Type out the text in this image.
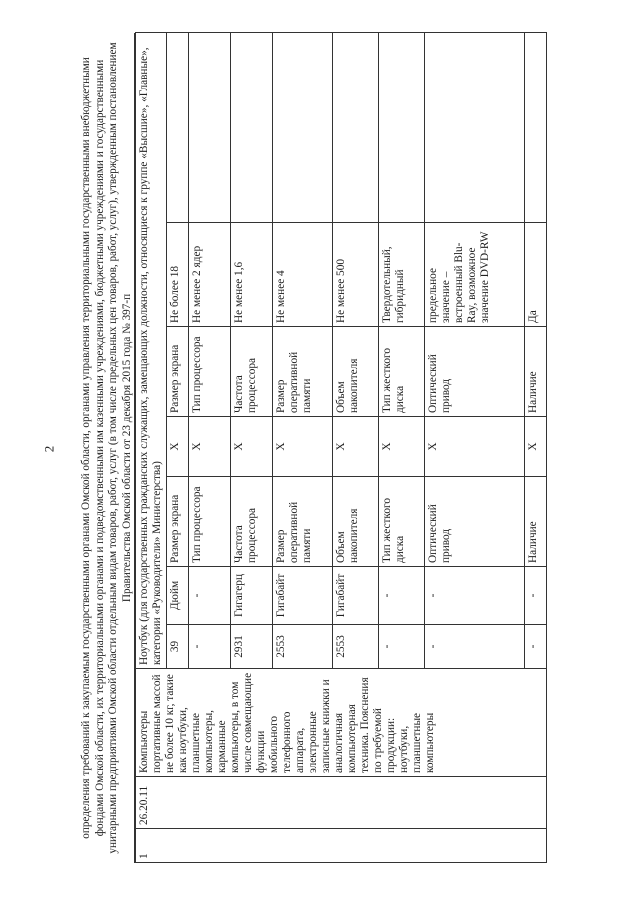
2 определения требований к закупаемым государственными органами Омской области, органами управления территориальными государственными внебюджетными фондами Омской области, их территориальными органами и подведомственными им казенными учреждениями, бюджетными учреждениями и государственными унитарными предприятиями Омской области отдельным видам товаров, работ, услуг (в том числе предельных цен товаров, работ, услуг), утвержденным постановлением Правительства Омской области от 23 декабря 2015 года № 397-п
1	26.20.11	Компьютеры портативные массой не более 10 кг, такие как ноутбуки, планшетные компьютеры, карманные компьютеры, в том числе совмещающие функции мобильного телефонного аппарата, электронные записные книжки и аналогичная компьютерная техника. Пояснения по требуемой продукции: ноутбуки, планшетные компьютеры	Ноутбук (для государственных гражданских служащих, замещающих должности, относящиеся к группе «Высшие», «Главные», категории «Руководители» Министерства)						
			39	Дюйм	Размер экрана	X	Размер экрана	Не более 18	
			-	-	Тип процессора	X	Тип процессора	Не менее 2 ядер	
			2931	Гигагерц	Частота процессора	X	Частота процессора	Не менее 1,6	
			2553	Гигабайт	Размер оперативной памяти	X	Размер оперативной памяти	Не менее 4	
			2553	Гигабайт	Объем накопителя	X	Объем накопителя	Не менее 500	
			-	-	Тип жесткого диска	X	Тип жесткого диска	Твердотельный, гибридный	
			-	-	Оптический привод	X	Оптический привод	предельное значение – встроенный Blu-Ray, возможное значение DVD-RW	
			-	-	Наличие	X	Наличие	Да	
